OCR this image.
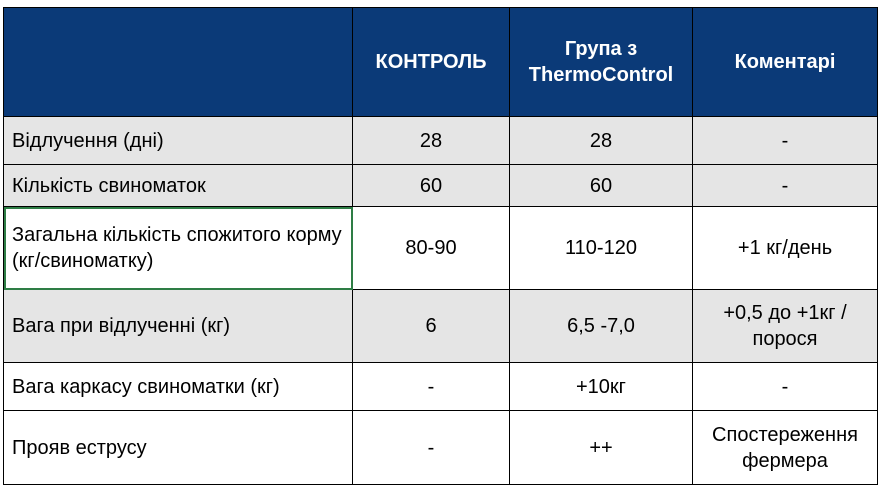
	КОНТРОЛЬ	Група з ThermoControl	Коментарі
Відлучення (дні)	28	28	-
Кількість свиноматок	60	60	-
Загальна кількість спожитого корму (кг/свиноматку)	80-90	110-120	+1 кг/день
Вага при відлученні (кг)	6	6,5 -7,0	+0,5 до +1кг / порося
Вага каркасу свиноматки (кг)	-	+10кг	-
Прояв еструсу	-	++	Спостереження фермера
